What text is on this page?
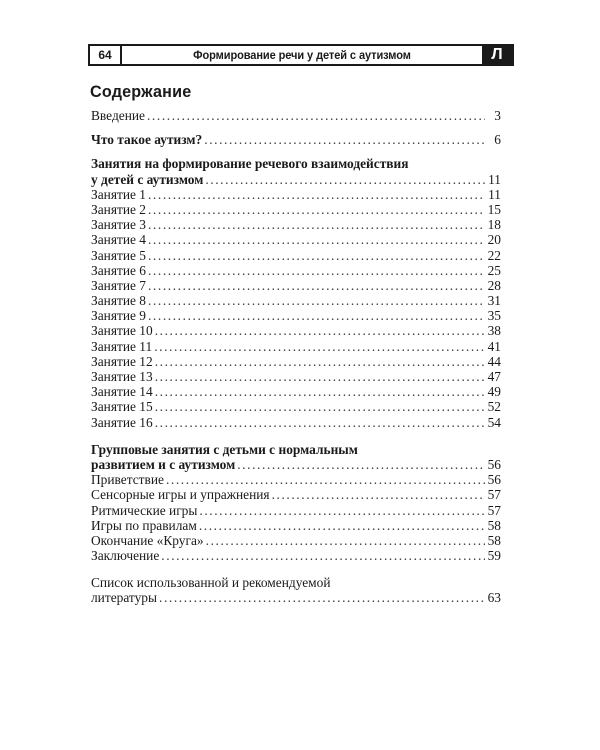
64	Формирование речи у детей с аутизмом	Л
Содержание
Введение .....	3
Что такое аутизм? .....	6
Занятия на формирование речевого взаимодействия
у детей с аутизмом .....	11
Занятие 1 .....	11
Занятие 2 .....	15
Занятие 3 .....	18
Занятие 4 .....	20
Занятие 5 .....	22
Занятие 6 .....	25
Занятие 7 .....	28
Занятие 8 .....	31
Занятие 9 .....	35
Занятие 10 .....	38
Занятие 11 .....	41
Занятие 12 .....	44
Занятие 13 .....	47
Занятие 14 .....	49
Занятие 15 .....	52
Занятие 16 .....	54
Групповые занятия с детьми с нормальным
развитием и с аутизмом .....	56
Приветствие .....	56
Сенсорные игры и упражнения .....	57
Ритмические игры .....	57
Игры по правилам .....	58
Окончание «Круга» .....	58
Заключение .....	59
Список использованной и рекомендуемой
литературы .....	63
